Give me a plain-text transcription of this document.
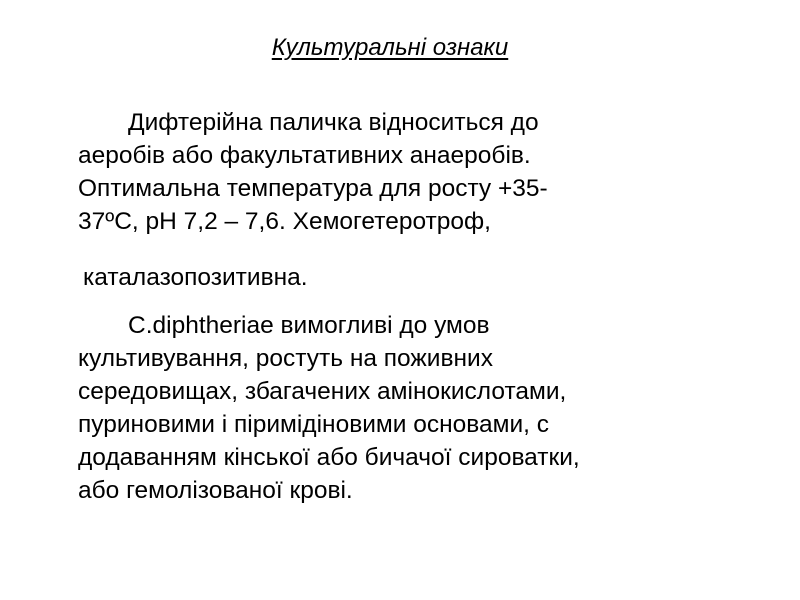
Культуральні ознаки

Дифтерійна паличка відноситься до

аеробів або факультативних анаеробів.

Оптимальна температура для росту +35-

37ºС, рН 7,2 – 7,6. Хемогетеротроф,

каталазопозитивна.

C.diphtheriae вимогливі до умов

культивування, ростуть на поживних

середовищах, збагачених амінокислотами,

пуриновими і піримідіновими основами, с

додаванням кінської або бичачої сироватки,

або гемолізованої крові.
